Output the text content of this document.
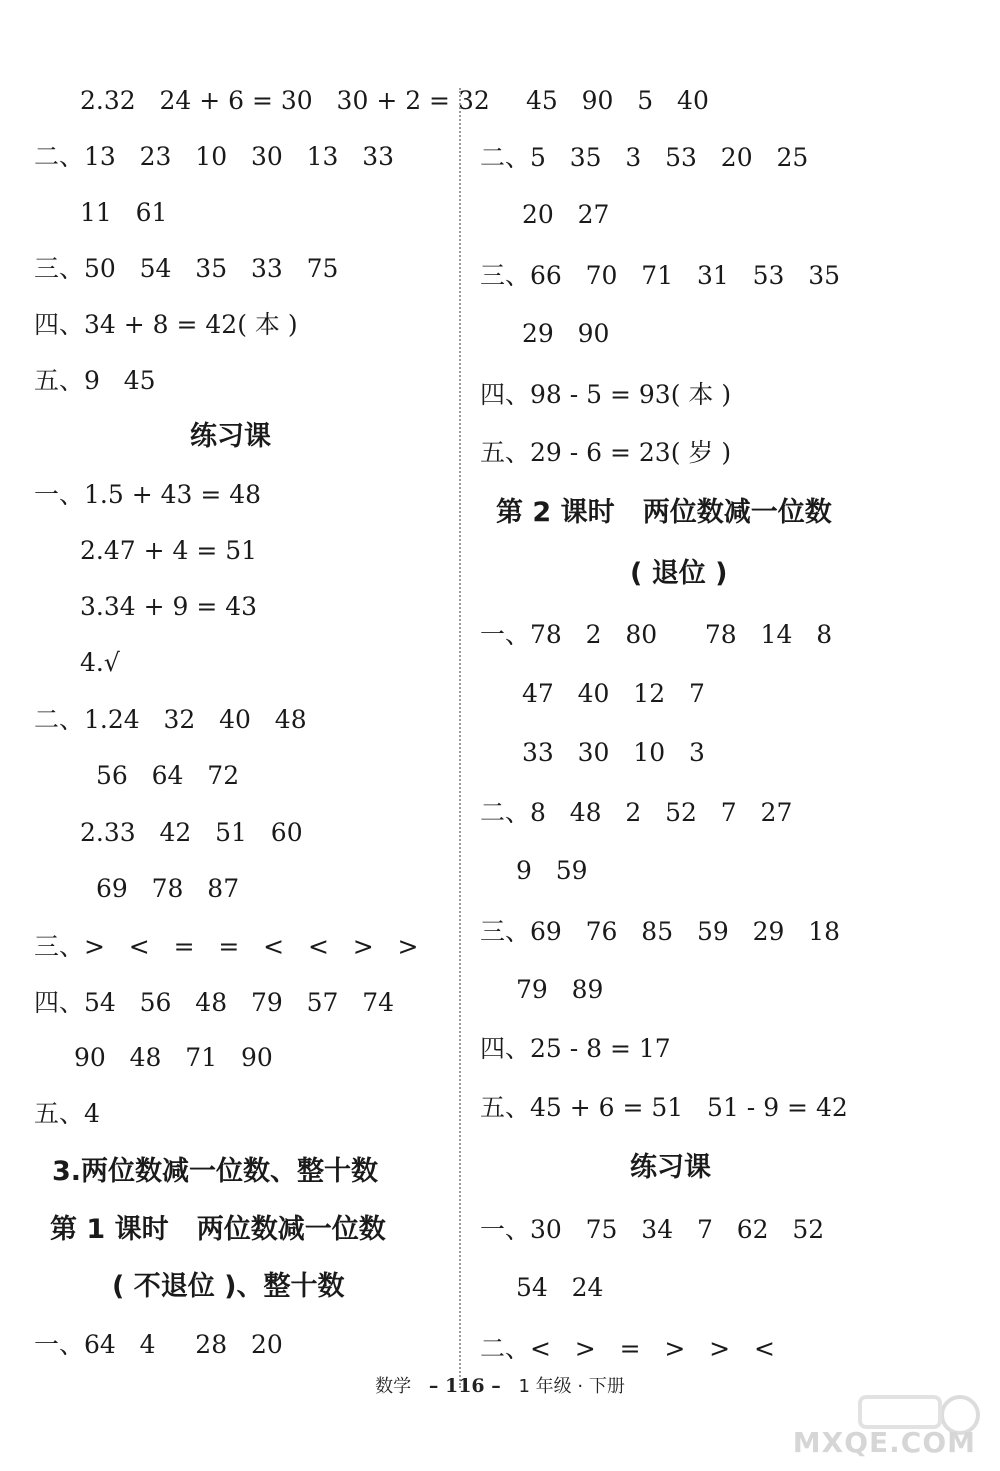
2.32   24 + 6 = 30   30 + 2 = 32
二、13   23   10   30   13   33
11   61
三、50   54   35   33   75
四、34 + 8 = 42( 本 )
五、9   45
练习课
一、1.5 + 43 = 48
2.47 + 4 = 51
3.34 + 9 = 43
4.√
二、1.24   32   40   48
56   64   72
2.33   42   51   60
69   78   87
三、>   <   =   =   <   <   >   >
四、54   56   48   79   57   74
90   48   71   90
五、4
3.两位数减一位数、整十数
第 1 课时   两位数减一位数
( 不退位 )、整十数
一、64   4     28   20
45   90   5   40
二、5   35   3   53   20   25
20   27
三、66   70   71   31   53   35
29   90
四、98 - 5 = 93( 本 )
五、29 - 6 = 23( 岁 )
第 2 课时   两位数减一位数
( 退位 )
一、78   2   80      78   14   8
47   40   12   7
33   30   10   3
二、8   48   2   52   7   27
9   59
三、69   76   85   59   29   18
79   89
四、25 - 8 = 17
五、45 + 6 = 51   51 - 9 = 42
练习课
一、30   75   34   7   62   52
54   24
二、<   >   =   >   >   <
数学 – 116 – 1 年级 · 下册
MXQE.COM
